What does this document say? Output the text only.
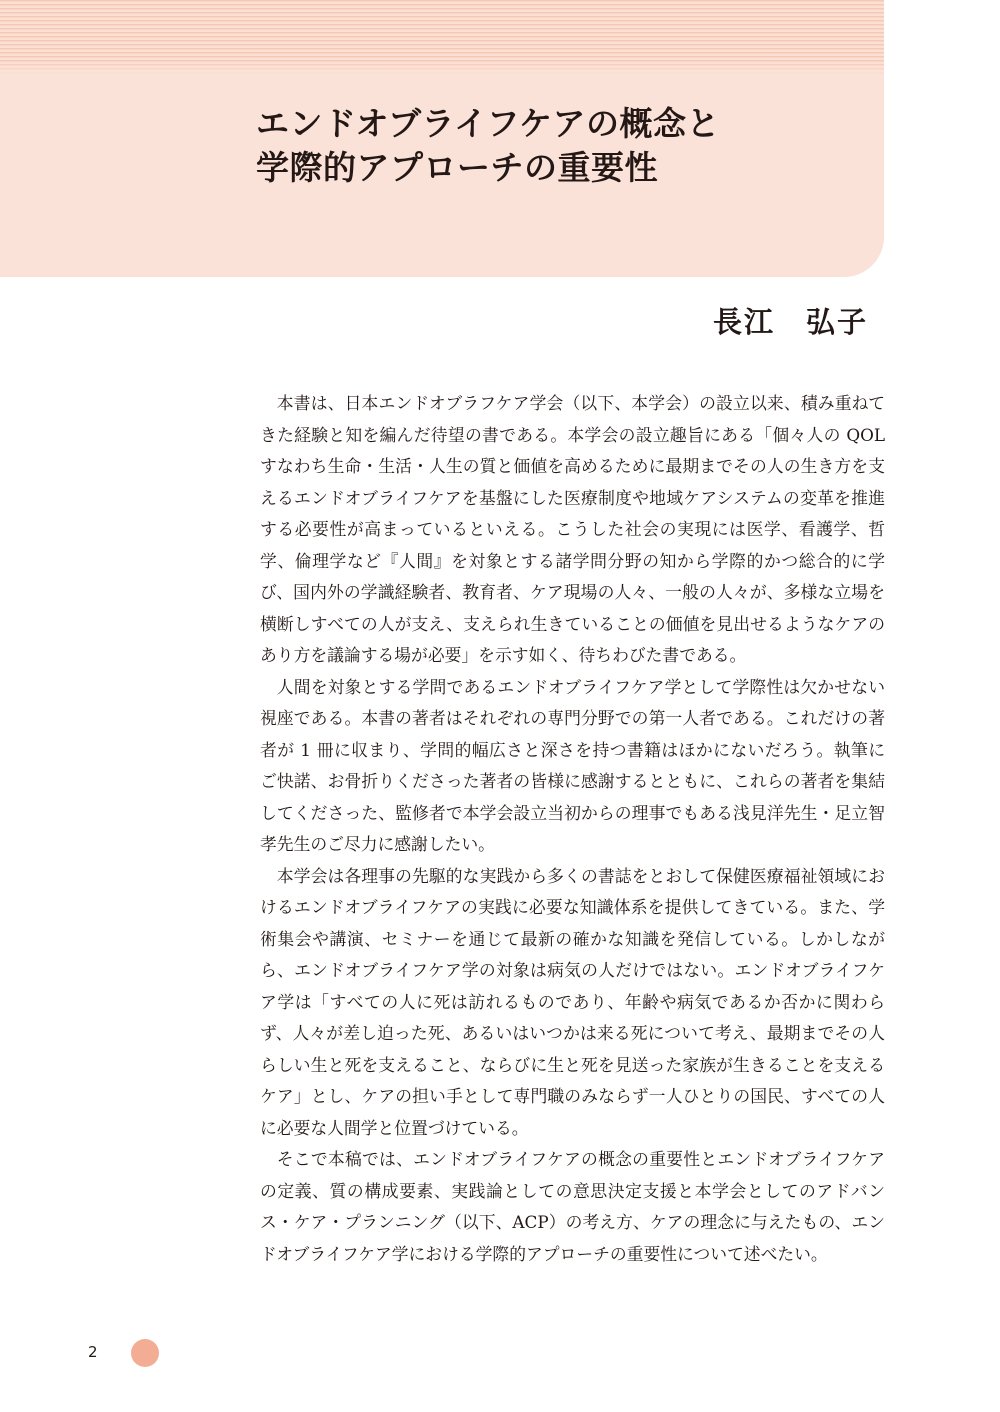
エンドオブライフケアの概念と
学際的アプローチの重要性
長江　弘子

本書は、日本エンドオブラフケア学会（以下、本学会）の設立以来、積み重ねてきた経験と知を編んだ待望の書である。本学会の設立趣旨にある「個々人の QOL すなわち生命・生活・人生の質と価値を高めるために最期までその人の生き方を支えるエンドオブライフケアを基盤にした医療制度や地域ケアシステムの変革を推進する必要性が高まっているといえる。こうした社会の実現には医学、看護学、哲学、倫理学など『人間』を対象とする諸学問分野の知から学際的かつ総合的に学び、国内外の学識経験者、教育者、ケア現場の人々、一般の人々が、多様な立場を横断しすべての人が支え、支えられ生きていることの価値を見出せるようなケアのあり方を議論する場が必要」を示す如く、待ちわびた書である。

人間を対象とする学問であるエンドオブライフケア学として学際性は欠かせない視座である。本書の著者はそれぞれの専門分野での第一人者である。これだけの著者が 1 冊に収まり、学問的幅広さと深さを持つ書籍はほかにないだろう。執筆にご快諾、お骨折りくださった著者の皆様に感謝するとともに、これらの著者を集結してくださった、監修者で本学会設立当初からの理事でもある浅見洋先生・足立智孝先生のご尽力に感謝したい。

本学会は各理事の先駆的な実践から多くの書誌をとおして保健医療福祉領域におけるエンドオブライフケアの実践に必要な知識体系を提供してきている。また、学術集会や講演、セミナーを通じて最新の確かな知識を発信している。しかしながら、エンドオブライフケア学の対象は病気の人だけではない。エンドオブライフケア学は「すべての人に死は訪れるものであり、年齢や病気であるか否かに関わらず、人々が差し迫った死、あるいはいつかは来る死について考え、最期までその人らしい生と死を支えること、ならびに生と死を見送った家族が生きることを支えるケア」とし、ケアの担い手として専門職のみならず一人ひとりの国民、すべての人に必要な人間学と位置づけている。

そこで本稿では、エンドオブライフケアの概念の重要性とエンドオブライフケアの定義、質の構成要素、実践論としての意思決定支援と本学会としてのアドバンス・ケア・プランニング（以下、ACP）の考え方、ケアの理念に与えたもの、エンドオブライフケア学における学際的アプローチの重要性について述べたい。

2
